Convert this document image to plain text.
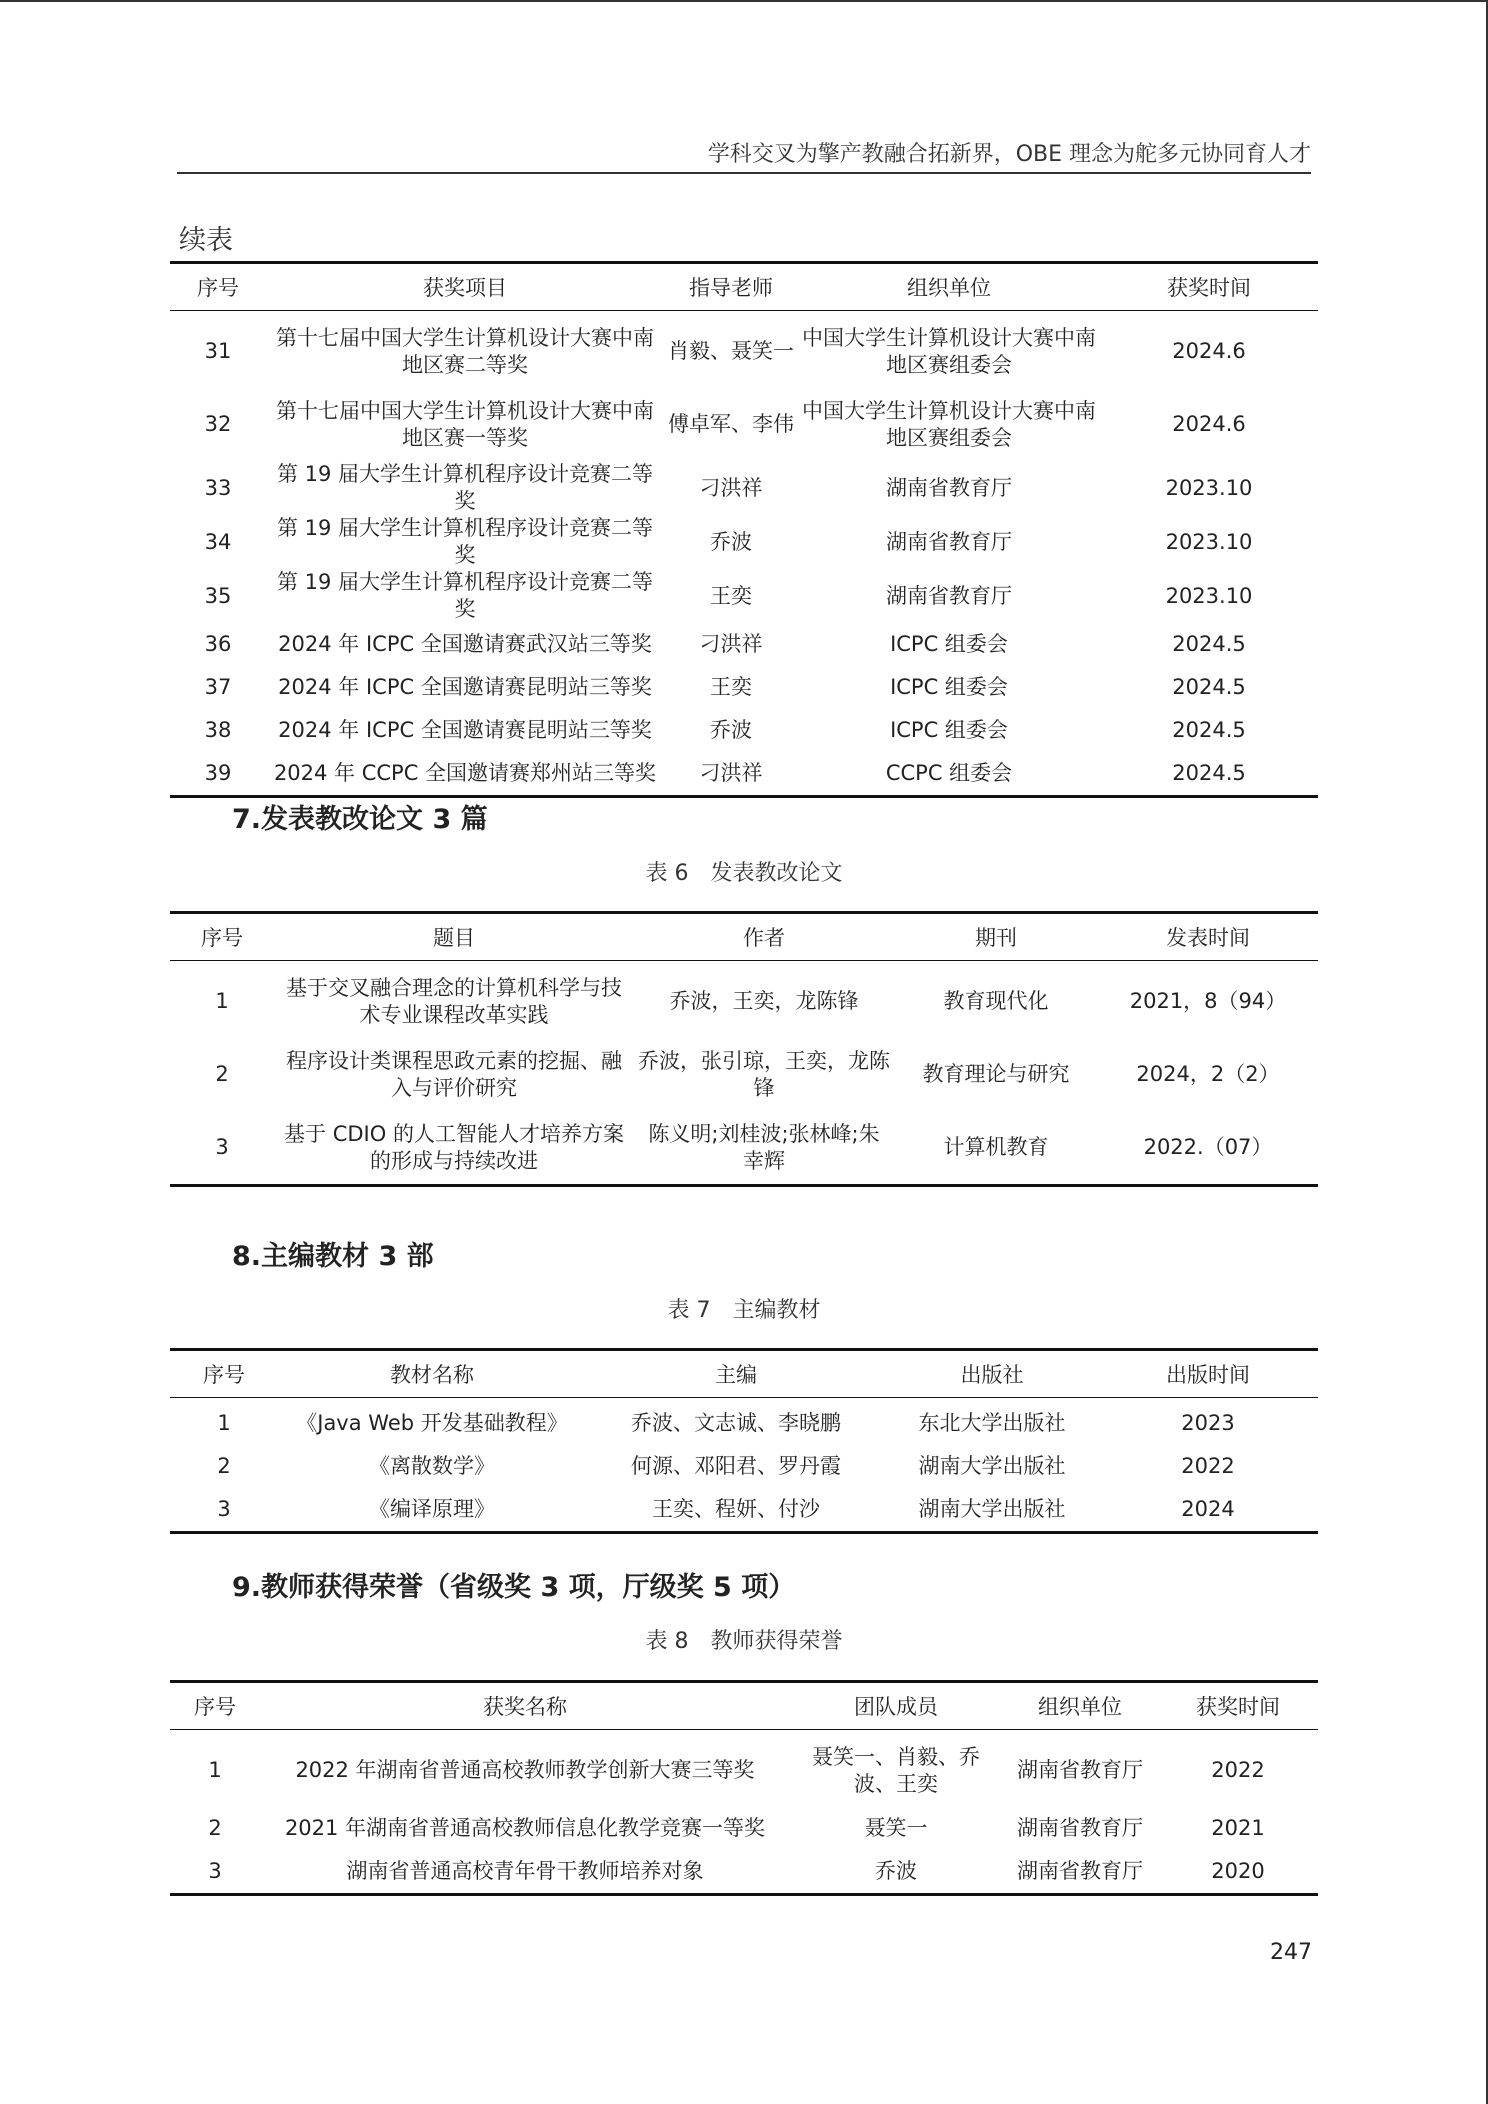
学科交叉为擎产教融合拓新界，OBE 理念为舵多元协同育人才
续表
序号	获奖项目	指导老师	组织单位	获奖时间
31	第十七届中国大学生计算机设计大赛中南地区赛二等奖	肖毅、聂笑一	中国大学生计算机设计大赛中南地区赛组委会	2024.6
32	第十七届中国大学生计算机设计大赛中南地区赛一等奖	傅卓军、李伟	中国大学生计算机设计大赛中南地区赛组委会	2024.6
33	第 19 届大学生计算机程序设计竞赛二等奖	刁洪祥	湖南省教育厅	2023.10
34	第 19 届大学生计算机程序设计竞赛二等奖	乔波	湖南省教育厅	2023.10
35	第 19 届大学生计算机程序设计竞赛二等奖	王奕	湖南省教育厅	2023.10
36	2024 年 ICPC 全国邀请赛武汉站三等奖	刁洪祥	ICPC 组委会	2024.5
37	2024 年 ICPC 全国邀请赛昆明站三等奖	王奕	ICPC 组委会	2024.5
38	2024 年 ICPC 全国邀请赛昆明站三等奖	乔波	ICPC 组委会	2024.5
39	2024 年 CCPC 全国邀请赛郑州站三等奖	刁洪祥	CCPC 组委会	2024.5
7.发表教改论文 3 篇
表 6　发表教改论文
序号	题目	作者	期刊	发表时间
1	基于交叉融合理念的计算机科学与技术专业课程改革实践	乔波，王奕，龙陈锋	教育现代化	2021，8（94）
2	程序设计类课程思政元素的挖掘、融入与评价研究	乔波，张引琼，王奕，龙陈锋	教育理论与研究	2024，2（2）
3	基于 CDIO 的人工智能人才培养方案的形成与持续改进	陈义明;刘桂波;张林峰;朱幸辉	计算机教育	2022.（07）
8.主编教材 3 部
表 7　主编教材
序号	教材名称	主编	出版社	出版时间
1	《Java Web 开发基础教程》	乔波、文志诚、李晓鹏	东北大学出版社	2023
2	《离散数学》	何源、邓阳君、罗丹霞	湖南大学出版社	2022
3	《编译原理》	王奕、程妍、付沙	湖南大学出版社	2024
9.教师获得荣誉（省级奖 3 项，厅级奖 5 项）
表 8　教师获得荣誉
序号	获奖名称	团队成员	组织单位	获奖时间
1	2022 年湖南省普通高校教师教学创新大赛三等奖	聂笑一、肖毅、乔波、王奕	湖南省教育厅	2022
2	2021 年湖南省普通高校教师信息化教学竞赛一等奖	聂笑一	湖南省教育厅	2021
3	湖南省普通高校青年骨干教师培养对象	乔波	湖南省教育厅	2020
247
